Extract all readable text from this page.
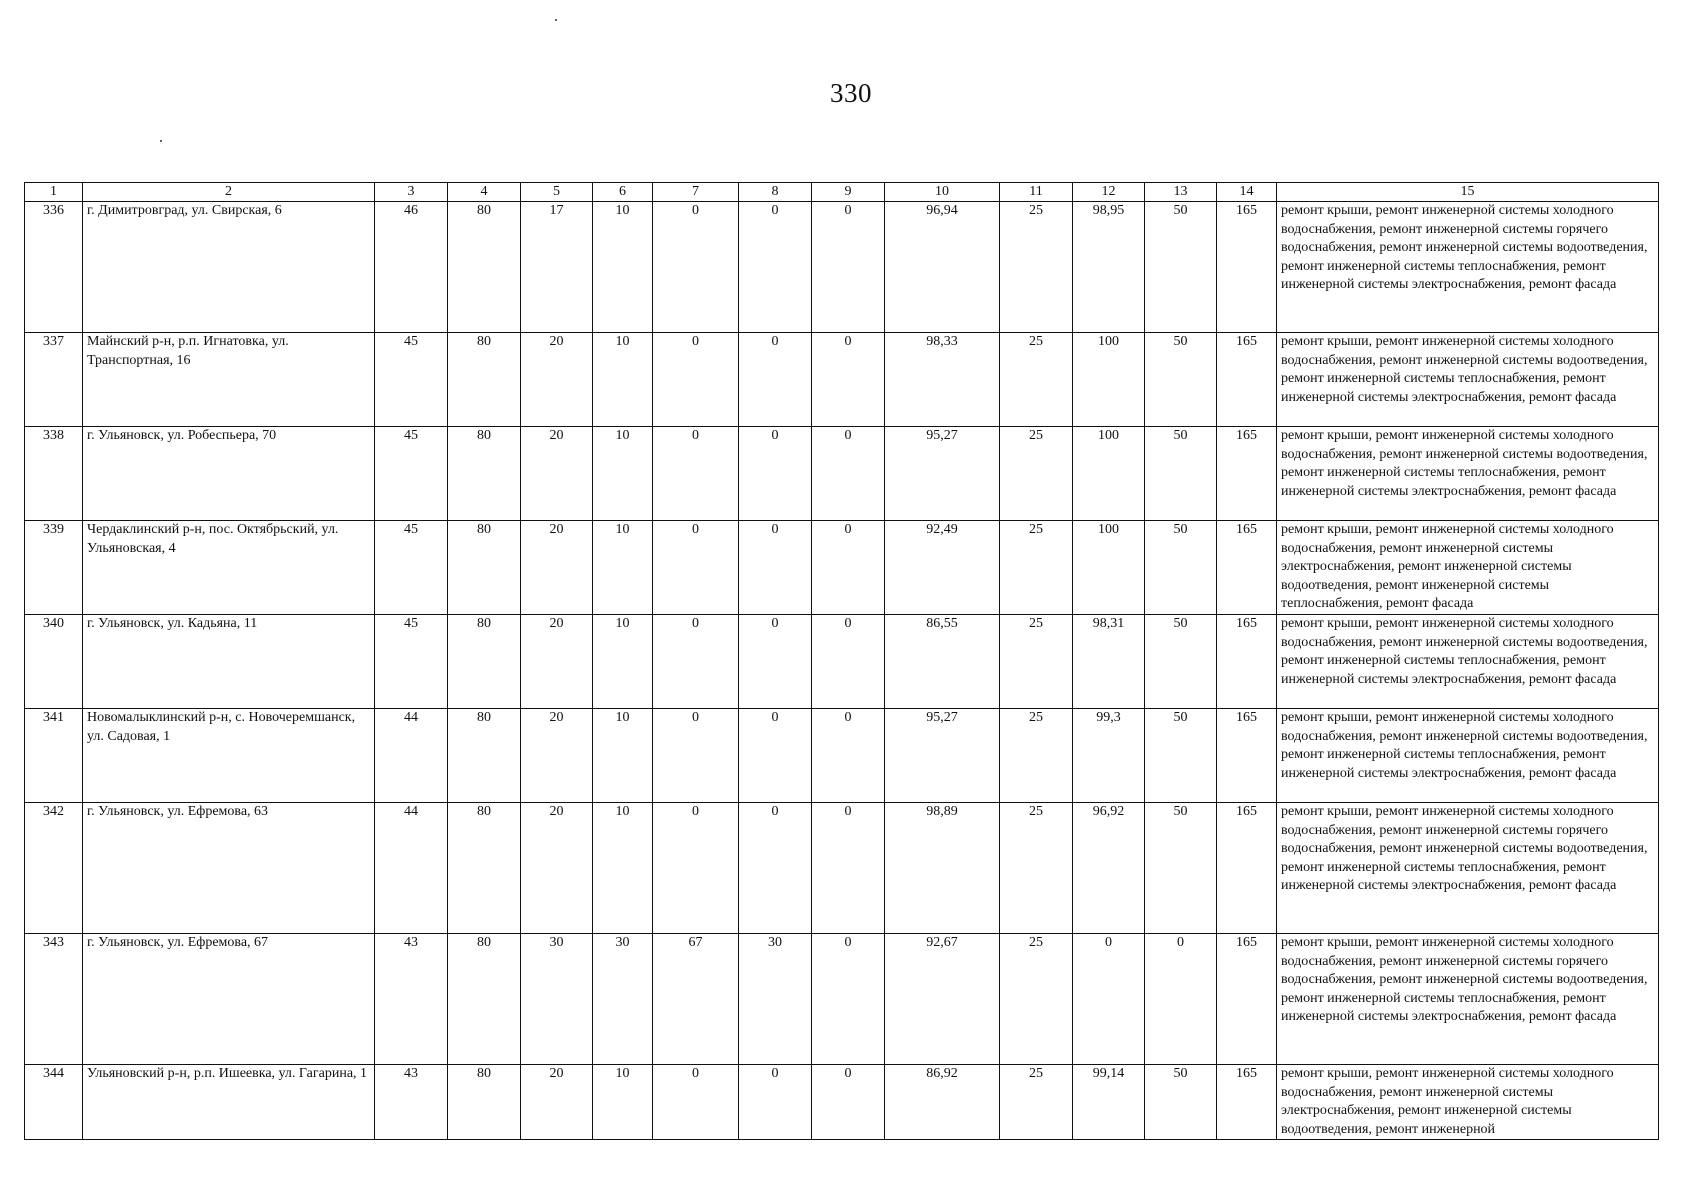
330
1	2	3	4	5	6	7	8	9	10	11	12	13	14	15
336	г. Димитровград, ул. Свирская, 6	46	80	17	10	0	0	0	96,94	25	98,95	50	165	ремонт крыши, ремонт инженерной системы холодного водоснабжения, ремонт инженерной системы горячего водоснабжения, ремонт инженерной системы водоотведения, ремонт инженерной системы теплоснабжения, ремонт инженерной системы электроснабжения, ремонт фасада
337	Майнский р-н, р.п. Игнатовка, ул. Транспортная, 16	45	80	20	10	0	0	0	98,33	25	100	50	165	ремонт крыши, ремонт инженерной системы холодного водоснабжения, ремонт инженерной системы водоотведения, ремонт инженерной системы теплоснабжения, ремонт инженерной системы электроснабжения, ремонт фасада
338	г. Ульяновск, ул. Робеспьера, 70	45	80	20	10	0	0	0	95,27	25	100	50	165	ремонт крыши, ремонт инженерной системы холодного водоснабжения, ремонт инженерной системы водоотведения, ремонт инженерной системы теплоснабжения, ремонт инженерной системы электроснабжения, ремонт фасада
339	Чердаклинский р-н, пос. Октябрьский, ул. Ульяновская, 4	45	80	20	10	0	0	0	92,49	25	100	50	165	ремонт крыши, ремонт инженерной системы холодного водоснабжения, ремонт инженерной системы электроснабжения, ремонт инженерной системы водоотведения, ремонт инженерной системы теплоснабжения, ремонт фасада
340	г. Ульяновск, ул. Кадьяна, 11	45	80	20	10	0	0	0	86,55	25	98,31	50	165	ремонт крыши, ремонт инженерной системы холодного водоснабжения, ремонт инженерной системы водоотведения, ремонт инженерной системы теплоснабжения, ремонт инженерной системы электроснабжения, ремонт фасада
341	Новомалыклинский р-н, с. Новочеремшанск, ул. Садовая, 1	44	80	20	10	0	0	0	95,27	25	99,3	50	165	ремонт крыши, ремонт инженерной системы холодного водоснабжения, ремонт инженерной системы водоотведения, ремонт инженерной системы теплоснабжения, ремонт инженерной системы электроснабжения, ремонт фасада
342	г. Ульяновск, ул. Ефремова, 63	44	80	20	10	0	0	0	98,89	25	96,92	50	165	ремонт крыши, ремонт инженерной системы холодного водоснабжения, ремонт инженерной системы горячего водоснабжения, ремонт инженерной системы водоотведения, ремонт инженерной системы теплоснабжения, ремонт инженерной системы электроснабжения, ремонт фасада
343	г. Ульяновск, ул. Ефремова, 67	43	80	30	30	67	30	0	92,67	25	0	0	165	ремонт крыши, ремонт инженерной системы холодного водоснабжения, ремонт инженерной системы горячего водоснабжения, ремонт инженерной системы водоотведения, ремонт инженерной системы теплоснабжения, ремонт инженерной системы электроснабжения, ремонт фасада
344	Ульяновский р-н, р.п. Ишеевка, ул. Гагарина, 1	43	80	20	10	0	0	0	86,92	25	99,14	50	165	ремонт крыши, ремонт инженерной системы холодного водоснабжения, ремонт инженерной системы электроснабжения, ремонт инженерной системы водоотведения, ремонт инженерной
